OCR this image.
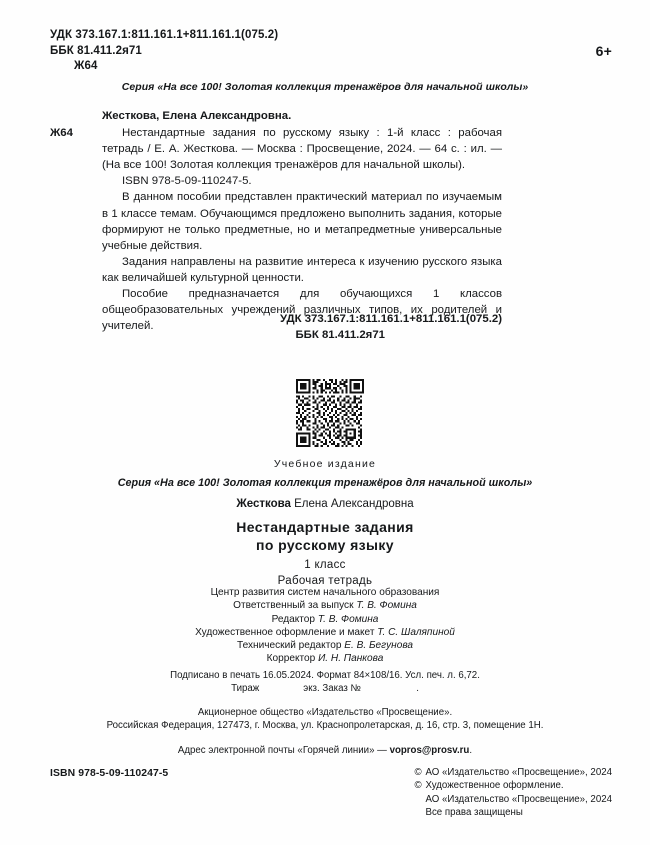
УДК 373.167.1:811.161.1+811.161.1(075.2)
ББК 81.411.2я71
Ж64
6+
Серия «На все 100! Золотая коллекция тренажёров для начальной школы»
Жесткова, Елена Александровна.
Ж64	Нестандартные задания по русскому языку : 1-й класс : рабочая тетрадь / Е. А. Жесткова. — Москва : Просвещение, 2024. — 64 с. : ил. — (На все 100! Золотая коллекция тренажёров для начальной школы).

ISBN 978-5-09-110247-5.

В данном пособии представлен практический материал по изучаемым в 1 классе темам. Обучающимся предложено выполнить задания, которые формируют не только предметные, но и метапредметные универсальные учебные действия.

Задания направлены на развитие интереса к изучению русского языка как величайшей культурной ценности.

Пособие предназначается для обучающихся 1 классов общеобразовательных учреждений различных типов, их родителей и учителей.

УДК 373.167.1:811.161.1+811.161.1(075.2)
ББК 81.411.2я71
Учебное издание
Серия «На все 100! Золотая коллекция тренажёров для начальной школы»
Жесткова Елена Александровна
Нестандартные задания
по русскому языку
1 класс
Рабочая тетрадь
Центр развития систем начального образования
Ответственный за выпуск Т. В. Фомина
Редактор Т. В. Фомина
Художественное оформление и макет Т. С. Шаляпиной
Технический редактор Е. В. Бегунова
Корректор И. Н. Панкова
Подписано в печать 16.05.2024. Формат 84×108/16. Усл. печ. л. 6,72.
Тираж	экз. Заказ №	.
Акционерное общество «Издательство «Просвещение».
Российская Федерация, 127473, г. Москва, ул. Краснопролетарская, д. 16, стр. 3, помещение 1Н.
Адрес электронной почты «Горячей линии» — vopros@prosv.ru.
ISBN 978-5-09-110247-5	© АО «Издательство «Просвещение», 2024
© Художественное оформление.
АО «Издательство «Просвещение», 2024
Все права защищены
